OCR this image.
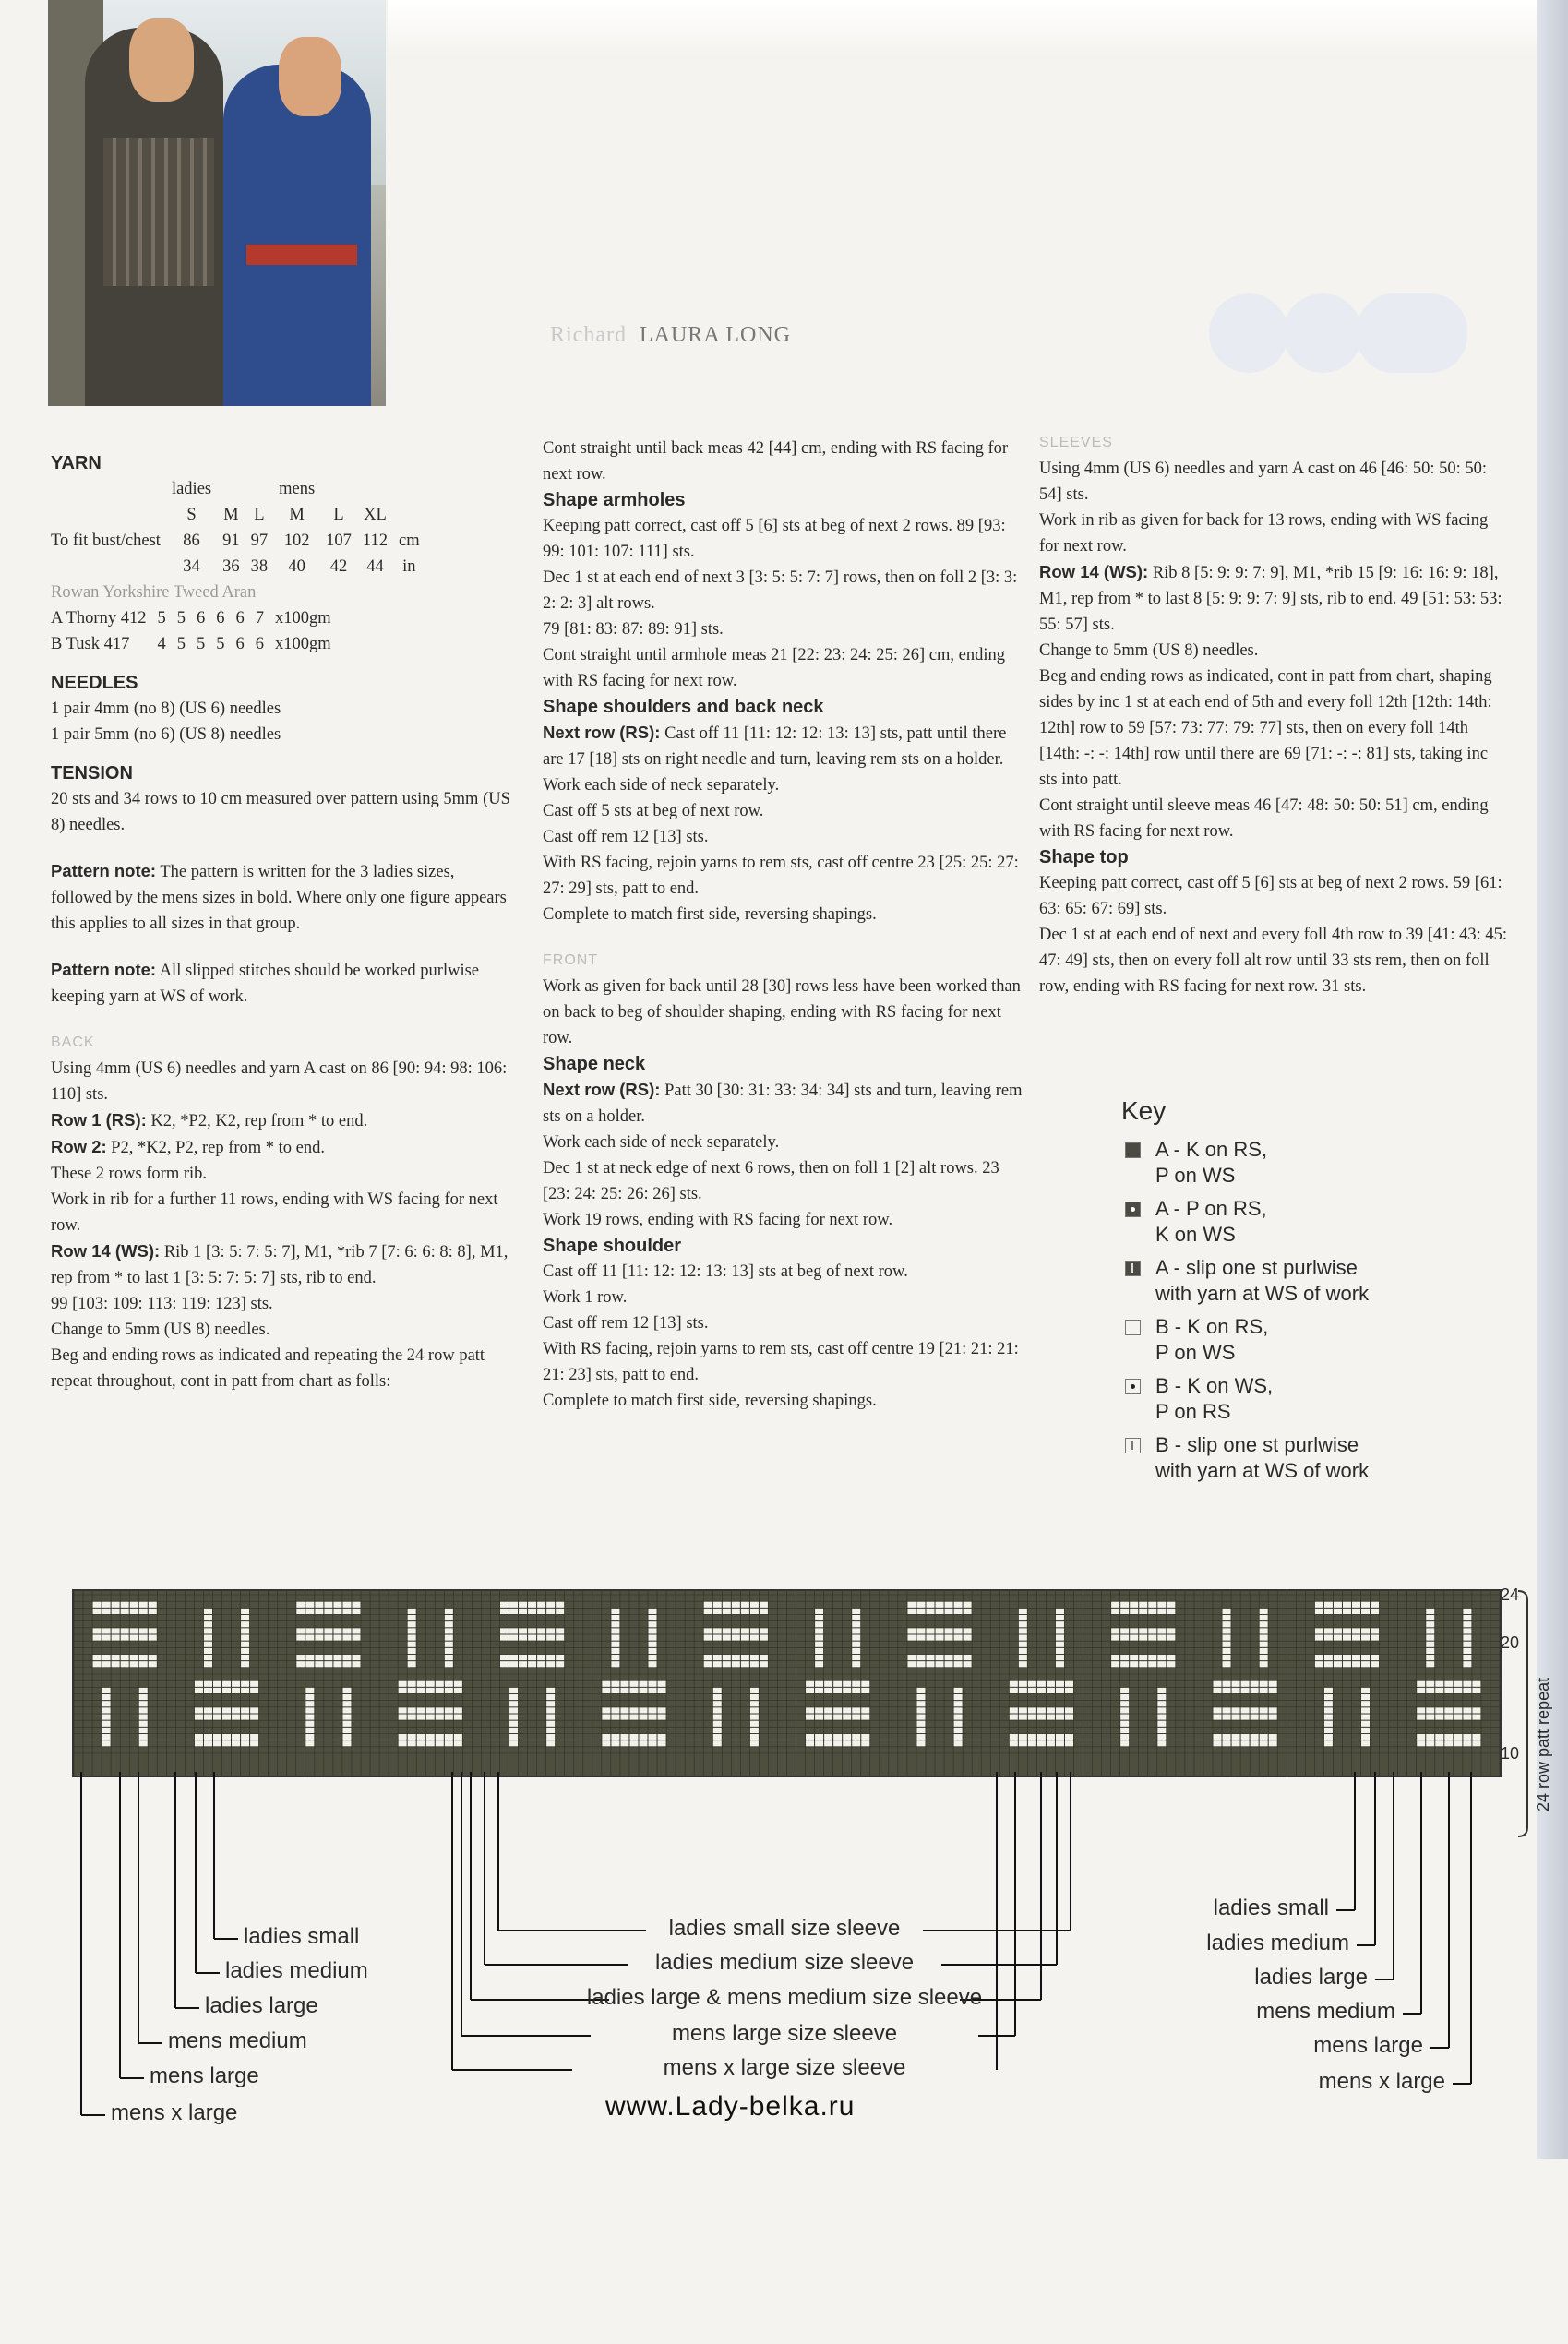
Richard LAURA LONG

YARN

	ladies			mens			
	S	M	L	M	L	XL	
To fit bust/chest	86	91	97	102	107	112	cm
	34	36	38	40	42	44	in

Rowan Yorkshire Tweed Aran

A Thorny 412	5	5	6	6	6	7	x100gm
B Tusk 417	4	5	5	5	6	6	x100gm

NEEDLES

1 pair 4mm (no 8) (US 6) needles

1 pair 5mm (no 6) (US 8) needles

TENSION

20 sts and 34 rows to 10 cm measured over pattern using 5mm (US 8) needles.

Pattern note: The pattern is written for the 3 ladies sizes, followed by the mens sizes in bold. Where only one figure appears this applies to all sizes in that group.

Pattern note: All slipped stitches should be worked purlwise keeping yarn at WS of work.

BACK

Using 4mm (US 6) needles and yarn A cast on 86 [90: 94: 98: 106: 110] sts.

Row 1 (RS): K2, *P2, K2, rep from * to end.

Row 2: P2, *K2, P2, rep from * to end.

These 2 rows form rib.

Work in rib for a further 11 rows, ending with WS facing for next row.

Row 14 (WS): Rib 1 [3: 5: 7: 5: 7], M1, *rib 7 [7: 6: 6: 8: 8], M1, rep from * to last 1 [3: 5: 7: 5: 7] sts, rib to end.

99 [103: 109: 113: 119: 123] sts.

Change to 5mm (US 8) needles.

Beg and ending rows as indicated and repeating the 24 row patt repeat throughout, cont in patt from chart as folls:

Cont straight until back meas 42 [44] cm, ending with RS facing for next row.

Shape armholes

Keeping patt correct, cast off 5 [6] sts at beg of next 2 rows. 89 [93: 99: 101: 107: 111] sts.

Dec 1 st at each end of next 3 [3: 5: 5: 7: 7] rows, then on foll 2 [3: 3: 2: 2: 3] alt rows.

79 [81: 83: 87: 89: 91] sts.

Cont straight until armhole meas 21 [22: 23: 24: 25: 26] cm, ending with RS facing for next row.

Shape shoulders and back neck

Next row (RS): Cast off 11 [11: 12: 12: 13: 13] sts, patt until there are 17 [18] sts on right needle and turn, leaving rem sts on a holder.

Work each side of neck separately.

Cast off 5 sts at beg of next row.

Cast off rem 12 [13] sts.

With RS facing, rejoin yarns to rem sts, cast off centre 23 [25: 25: 27: 27: 29] sts, patt to end.

Complete to match first side, reversing shapings.

FRONT

Work as given for back until 28 [30] rows less have been worked than on back to beg of shoulder shaping, ending with RS facing for next row.

Shape neck

Next row (RS): Patt 30 [30: 31: 33: 34: 34] sts and turn, leaving rem sts on a holder.

Work each side of neck separately.

Dec 1 st at neck edge of next 6 rows, then on foll 1 [2] alt rows. 23 [23: 24: 25: 26: 26] sts.

Work 19 rows, ending with RS facing for next row.

Shape shoulder

Cast off 11 [11: 12: 12: 13: 13] sts at beg of next row.

Work 1 row.

Cast off rem 12 [13] sts.

With RS facing, rejoin yarns to rem sts, cast off centre 19 [21: 21: 21: 21: 23] sts, patt to end.

Complete to match first side, reversing shapings.

SLEEVES

Using 4mm (US 6) needles and yarn A cast on 46 [46: 50: 50: 50: 54] sts.

Work in rib as given for back for 13 rows, ending with WS facing for next row.

Row 14 (WS): Rib 8 [5: 9: 9: 7: 9], M1, *rib 15 [9: 16: 16: 9: 18], M1, rep from * to last 8 [5: 9: 9: 7: 9] sts, rib to end. 49 [51: 53: 53: 55: 57] sts.

Change to 5mm (US 8) needles.

Beg and ending rows as indicated, cont in patt from chart, shaping sides by inc 1 st at each end of 5th and every foll 12th [12th: 14th: 12th] row to 59 [57: 73: 77: 79: 77] sts, then on every foll 14th [14th: -: -: 14th] row until there are 69 [71: -: -: 81] sts, taking inc sts into patt.

Cont straight until sleeve meas 46 [47: 48: 50: 50: 51] cm, ending with RS facing for next row.

Shape top

Keeping patt correct, cast off 5 [6] sts at beg of next 2 rows. 59 [61: 63: 65: 67: 69] sts.

Dec 1 st at each end of next and every foll 4th row to 39 [41: 43: 45: 47: 49] sts, then on every foll alt row until 33 sts rem, then on foll row, ending with RS facing for next row. 31 sts.

Key
A - K on RS,
P on WS
A - P on RS,
K on WS
A - slip one st purlwise
with yarn at WS of work
B - K on RS,
P on WS
B - K on WS,
P on RS
B - slip one st purlwise
with yarn at WS of work
24
20
10 24 row patt repeat
ladies small
ladies medium
ladies large
mens medium
mens large
mens x large
ladies small size sleeve
ladies medium size sleeve
ladies large & mens medium size sleeve
mens large size sleeve
mens x large size sleeve
ladies small
ladies medium
ladies large
mens medium
mens large
mens x large
www.Lady-belka.ru
